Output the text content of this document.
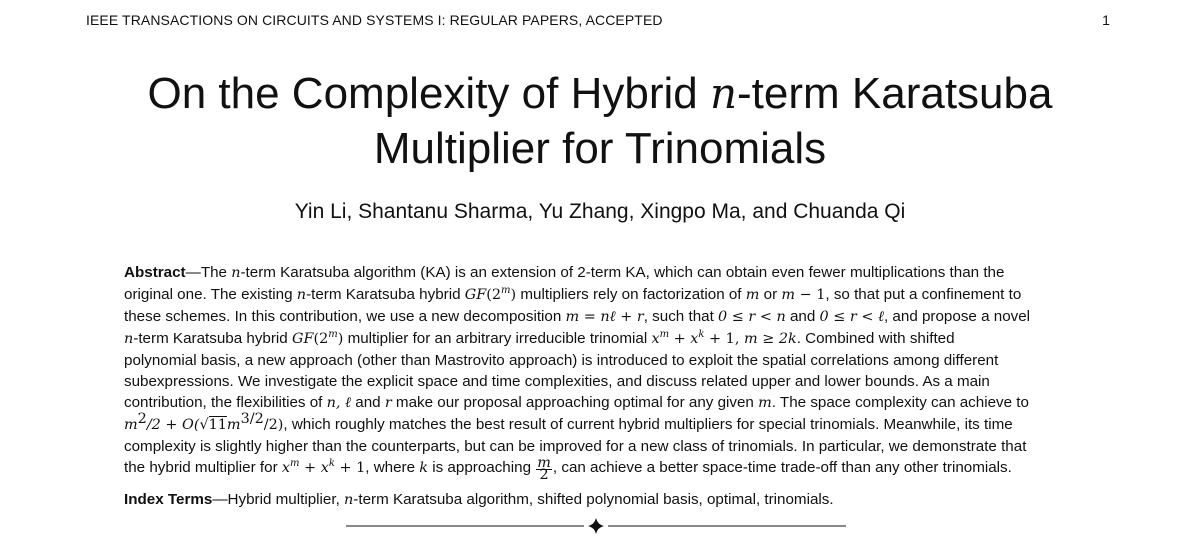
IEEE TRANSACTIONS ON CIRCUITS AND SYSTEMS I: REGULAR PAPERS, ACCEPTED	1
On the Complexity of Hybrid n-term Karatsuba
Multiplier for Trinomials
Yin Li, Shantanu Sharma, Yu Zhang, Xingpo Ma, and Chuanda Qi
Abstract—The n-term Karatsuba algorithm (KA) is an extension of 2-term KA, which can obtain even fewer multiplications than the
original one. The existing n-term Karatsuba hybrid GF(2$^m$) multipliers rely on factorization of m or m − 1, so that put a confinement to
these schemes. In this contribution, we use a new decomposition m = nℓ + r, such that 0 ≤ r < n and 0 ≤ r < ℓ, and propose a novel
n-term Karatsuba hybrid GF(2$^m$) multiplier for an arbitrary irreducible trinomial $x^m + x^k + 1$, m ≥ 2k. Combined with shifted
polynomial basis, a new approach (other than Mastrovito approach) is introduced to exploit the spatial correlations among different
subexpressions. We investigate the explicit space and time complexities, and discuss related upper and lower bounds. As a main
contribution, the flexibilities of n, ℓ and r make our proposal approaching optimal for any given m. The space complexity can achieve to
$m^2/2 + O(√11m^{3/2}/2)$, which roughly matches the best result of current hybrid multipliers for special trinomials. Meanwhile, its time
complexity is slightly higher than the counterparts, but can be improved for a new class of trinomials. In particular, we demonstrate that
the hybrid multiplier for $x^m + x^k + 1$, where k is approaching $\frac{m}{2}$ , can achieve a better space-time trade-off than any other trinomials.
Index Terms—Hybrid multiplier, n-term Karatsuba algorithm, shifted polynomial basis, optimal, trinomials.
